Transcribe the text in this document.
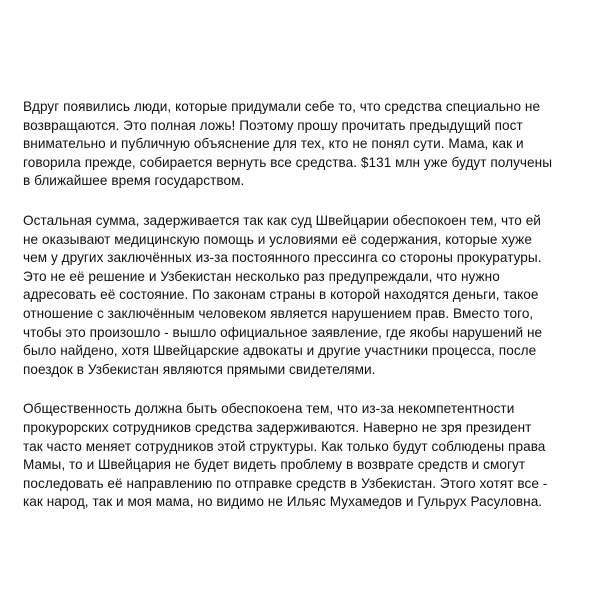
Вдруг появились люди, которые придумали себе то, что средства специально не
возвращаются. Это полная ложь! Поэтому прошу прочитать предыдущий пост
внимательно и публичную объяснение для тех, кто не понял сути. Мама, как и
говорила прежде, собирается вернуть все средства. $131 млн уже будут получены
в ближайшее время государством.

Остальная сумма, задерживается так как суд Швейцарии обеспокоен тем, что ей
не оказывают медицинскую помощь и условиями её содержания, которые хуже
чем у других заключённых из-за постоянного прессинга со стороны прокуратуры.
Это не её решение и Узбекистан несколько раз предупреждали, что нужно
адресовать её состояние. По законам страны в которой находятся деньги, такое
отношение с заключённым человеком является нарушением прав. Вместо того,
чтобы это произошло - вышло официальное заявление, где якобы нарушений не
было найдено, хотя Швейцарские адвокаты и другие участники процесса, после
поездок в Узбекистан являются прямыми свидетелями.

Общественность должна быть обеспокоена тем, что из-за некомпетентности
прокурорских сотрудников средства задерживаются. Наверно не зря президент
так часто меняет сотрудников этой структуры. Как только будут соблюдены права
Мамы, то и Швейцария не будет видеть проблему в возврате средств и смогут
последовать её направлению по отправке средств в Узбекистан. Этого хотят все -
как народ, так и моя мама, но видимо не Ильяс Мухамедов и Гульрух Расуловна.
